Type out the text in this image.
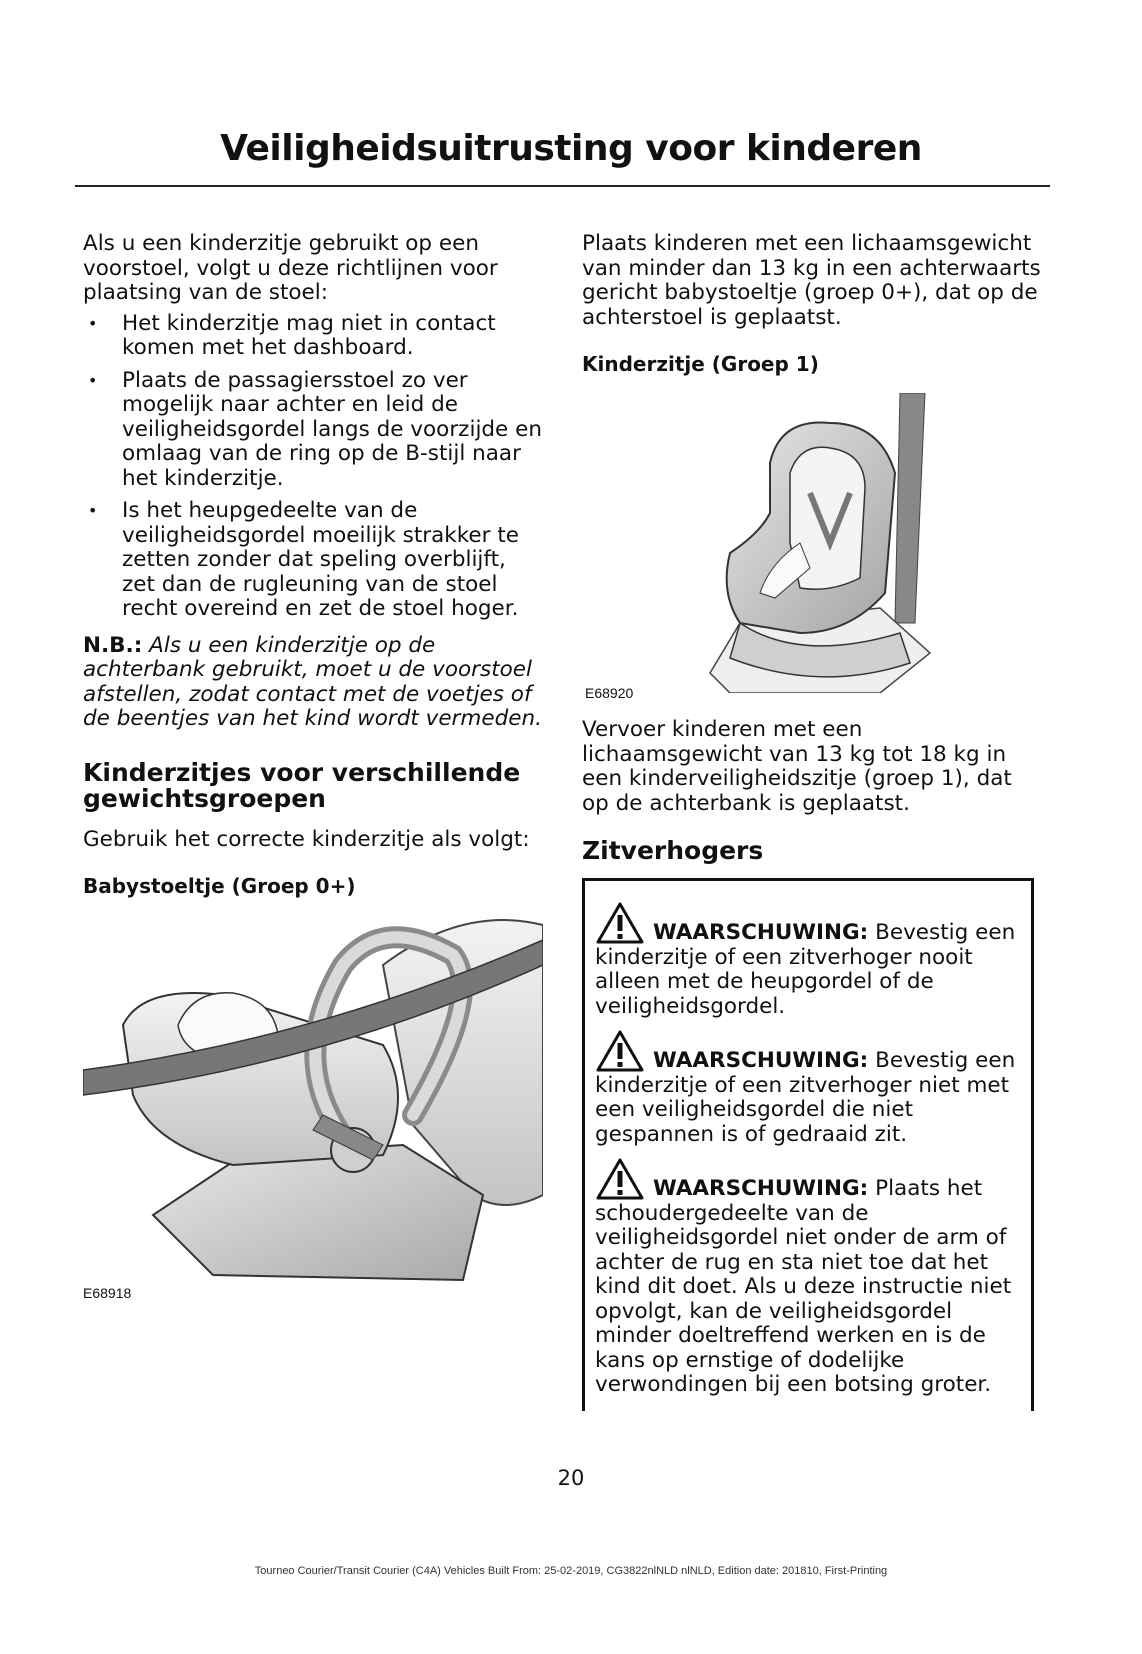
Veiligheidsuitrusting voor kinderen

Als u een kinderzitje gebruikt op een voorstoel, volgt u deze richtlijnen voor plaatsing van de stoel:

• Het kinderzitje mag niet in contact komen met het dashboard.
• Plaats de passagiersstoel zo ver mogelijk naar achter en leid de veiligheidsgordel langs de voorzijde en omlaag van de ring op de B-stijl naar het kinderzitje.
• Is het heupgedeelte van de veiligheidsgordel moeilijk strakker te zetten zonder dat speling overblijft, zet dan de rugleuning van de stoel recht overeind en zet de stoel hoger.

N.B.: Als u een kinderzitje op de achterbank gebruikt, moet u de voorstoel afstellen, zodat contact met de voetjes of de beentjes van het kind wordt vermeden.

Kinderzitjes voor verschillende gewichtsgroepen

Gebruik het correcte kinderzitje als volgt:

Babystoeltje (Groep 0+)
E68918

Plaats kinderen met een lichaamsgewicht van minder dan 13 kg in een achterwaarts gericht babystoeltje (groep 0+), dat op de achterstoel is geplaatst.

Kinderzitje (Groep 1)
E68920

Vervoer kinderen met een lichaamsgewicht van 13 kg tot 18 kg in een kinderveiligheidszitje (groep 1), dat op de achterbank is geplaatst.

Zitverhogers
WAARSCHUWING: Bevestig een kinderzitje of een zitverhoger nooit alleen met de heupgordel of de veiligheidsgordel.
WAARSCHUWING: Bevestig een kinderzitje of een zitverhoger niet met een veiligheidsgordel die niet gespannen is of gedraaid zit.
WAARSCHUWING: Plaats het schoudergedeelte van de veiligheidsgordel niet onder de arm of achter de rug en sta niet toe dat het kind dit doet. Als u deze instructie niet opvolgt, kan de veiligheidsgordel minder doeltreffend werken en is de kans op ernstige of dodelijke verwondingen bij een botsing groter.
20
Tourneo Courier/Transit Courier (C4A) Vehicles Built From: 25-02-2019, CG3822nlNLD nlNLD, Edition date: 201810, First-Printing
